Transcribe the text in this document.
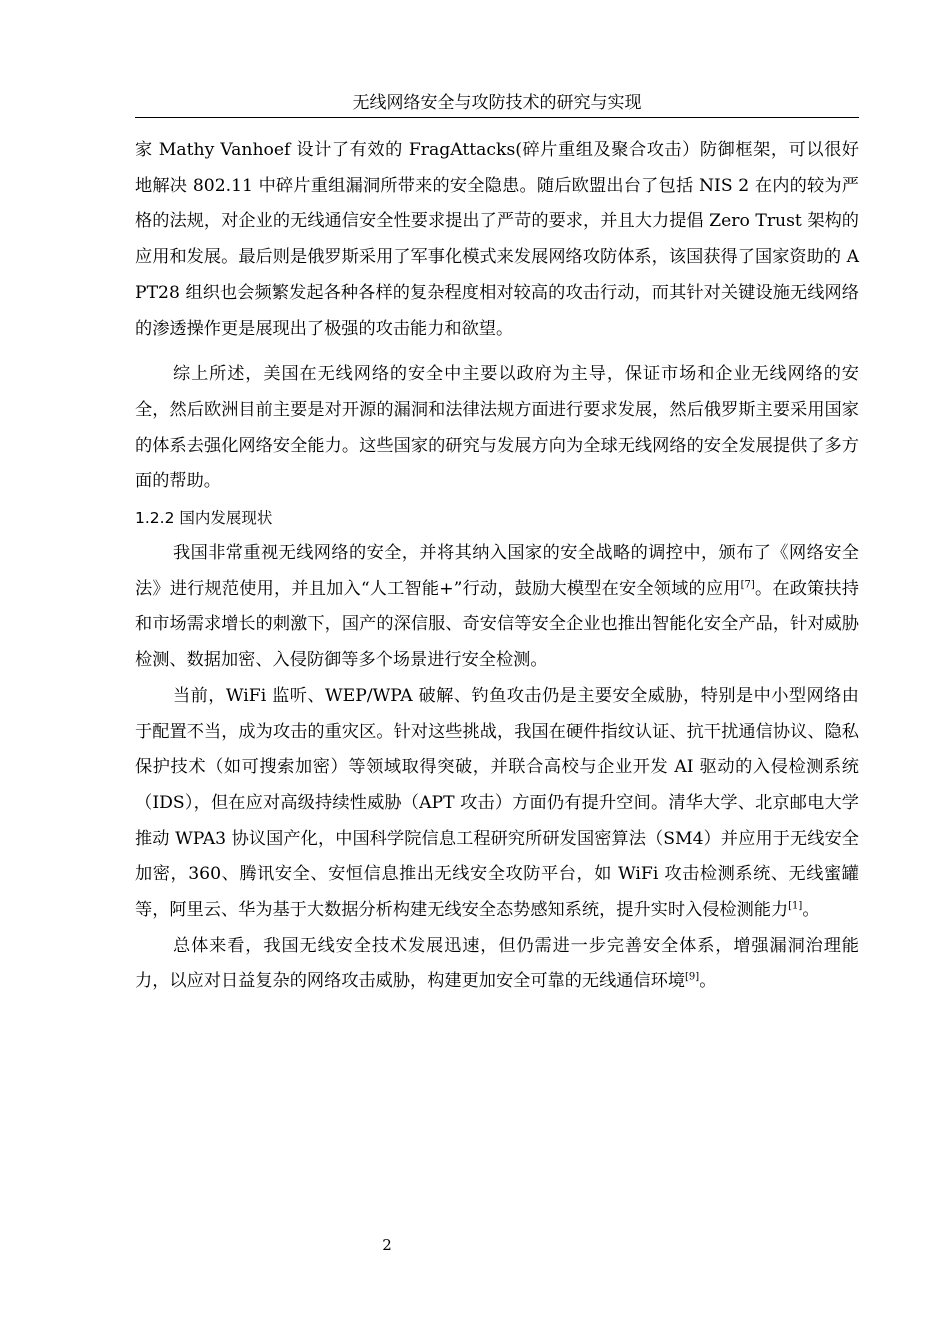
无线网络安全与攻防技术的研究与实现

家 Mathy Vanhoef 设计了有效的 FragAttacks(碎片重组及聚合攻击）防御框架，可以很好地解决 802.11 中碎片重组漏洞所带来的安全隐患。随后欧盟出台了包括 NIS 2 在内的较为严格的法规，对企业的无线通信安全性要求提出了严苛的要求，并且大力提倡 Zero Trust 架构的应用和发展。最后则是俄罗斯采用了军事化模式来发展网络攻防体系，该国获得了国家资助的 APT28 组织也会频繁发起各种各样的复杂程度相对较高的攻击行动，而其针对关键设施无线网络的渗透操作更是展现出了极强的攻击能力和欲望。

综上所述，美国在无线网络的安全中主要以政府为主导，保证市场和企业无线网络的安全，然后欧洲目前主要是对开源的漏洞和法律法规方面进行要求发展，然后俄罗斯主要采用国家的体系去强化网络安全能力。这些国家的研究与发展方向为全球无线网络的安全发展提供了多方面的帮助。

1.2.2 国内发展现状

我国非常重视无线网络的安全，并将其纳入国家的安全战略的调控中，颁布了《网络安全法》进行规范使用，并且加入“人工智能+”行动，鼓励大模型在安全领域的应用[7]。在政策扶持和市场需求增长的刺激下，国产的深信服、奇安信等安全企业也推出智能化安全产品，针对威胁检测、数据加密、入侵防御等多个场景进行安全检测。

当前，WiFi 监听、WEP/WPA 破解、钓鱼攻击仍是主要安全威胁，特别是中小型网络由于配置不当，成为攻击的重灾区。针对这些挑战，我国在硬件指纹认证、抗干扰通信协议、隐私保护技术（如可搜索加密）等领域取得突破，并联合高校与企业开发 AI 驱动的入侵检测系统（IDS），但在应对高级持续性威胁（APT 攻击）方面仍有提升空间。清华大学、北京邮电大学推动 WPA3 协议国产化，中国科学院信息工程研究所研发国密算法（SM4）并应用于无线安全加密，360、腾讯安全、安恒信息推出无线安全攻防平台，如 WiFi 攻击检测系统、无线蜜罐等，阿里云、华为基于大数据分析构建无线安全态势感知系统，提升实时入侵检测能力[1]。

总体来看，我国无线安全技术发展迅速，但仍需进一步完善安全体系，增强漏洞治理能力，以应对日益复杂的网络攻击威胁，构建更加安全可靠的无线通信环境[9]。

2
